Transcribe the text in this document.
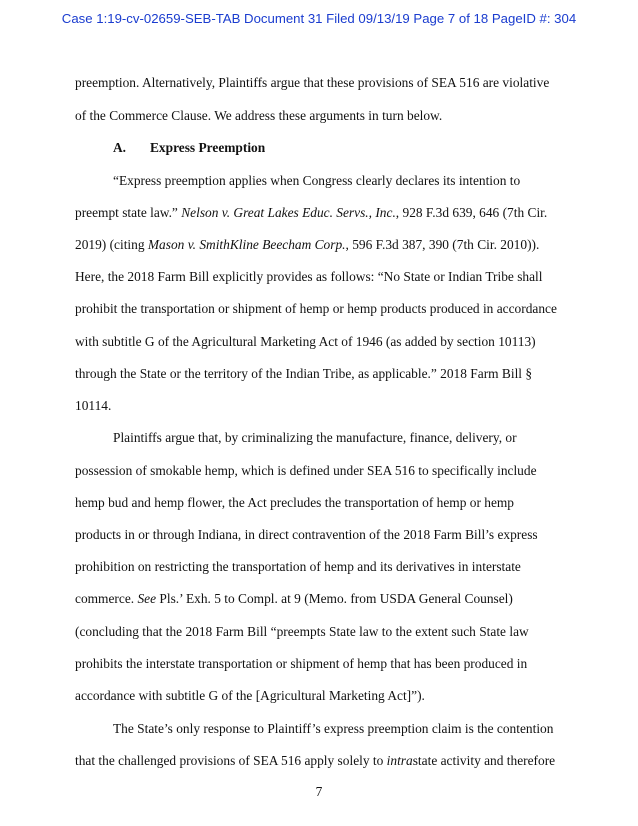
Case 1:19-cv-02659-SEB-TAB Document 31 Filed 09/13/19 Page 7 of 18 PageID #: 304
preemption. Alternatively, Plaintiffs argue that these provisions of SEA 516 are violative
of the Commerce Clause. We address these arguments in turn below.
A. Express Preemption
“Express preemption applies when Congress clearly declares its intention to
preempt state law.” Nelson v. Great Lakes Educ. Servs., Inc., 928 F.3d 639, 646 (7th Cir.
2019) (citing Mason v. SmithKline Beecham Corp., 596 F.3d 387, 390 (7th Cir. 2010)).
Here, the 2018 Farm Bill explicitly provides as follows: “No State or Indian Tribe shall
prohibit the transportation or shipment of hemp or hemp products produced in accordance
with subtitle G of the Agricultural Marketing Act of 1946 (as added by section 10113)
through the State or the territory of the Indian Tribe, as applicable.” 2018 Farm Bill §
10114.
Plaintiffs argue that, by criminalizing the manufacture, finance, delivery, or
possession of smokable hemp, which is defined under SEA 516 to specifically include
hemp bud and hemp flower, the Act precludes the transportation of hemp or hemp
products in or through Indiana, in direct contravention of the 2018 Farm Bill’s express
prohibition on restricting the transportation of hemp and its derivatives in interstate
commerce. See Pls.’ Exh. 5 to Compl. at 9 (Memo. from USDA General Counsel)
(concluding that the 2018 Farm Bill “preempts State law to the extent such State law
prohibits the interstate transportation or shipment of hemp that has been produced in
accordance with subtitle G of the [Agricultural Marketing Act]”).
The State’s only response to Plaintiff’s express preemption claim is the contention
that the challenged provisions of SEA 516 apply solely to intrastate activity and therefore
7
